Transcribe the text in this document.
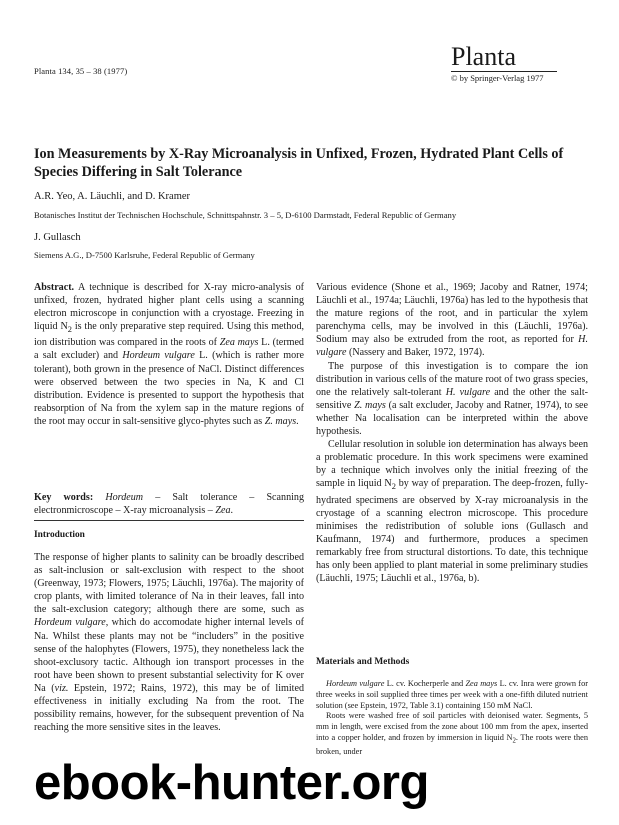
Planta 134, 35 – 38 (1977)	Planta
© by Springer-Verlag 1977
Ion Measurements by X-Ray Microanalysis in Unfixed, Frozen, Hydrated Plant Cells of Species Differing in Salt Tolerance
A.R. Yeo, A. Läuchli, and D. Kramer
Botanisches Institut der Technischen Hochschule, Schnittspahnstr. 3 – 5, D-6100 Darmstadt, Federal Republic of Germany
J. Gullasch
Siemens A.G., D-7500 Karlsruhe, Federal Republic of Germany

Abstract. A technique is described for X-ray micro-analysis of unfixed, frozen, hydrated higher plant cells using a scanning electron microscope in conjunction with a cryostage. Freezing in liquid $N_2$ is the only preparative step required. Using this method, ion distribution was compared in the roots of Zea mays L. (termed a salt excluder) and Hordeum vulgare L. (which is rather more tolerant), both grown in the presence of NaCl. Distinct differences were observed between the two species in Na, K and Cl distribution. Evidence is presented to support the hypothesis that reabsorption of Na from the xylem sap in the mature regions of the root may occur in salt-sensitive glyco-phytes such as Z. mays.

Key words: Hordeum – Salt tolerance – Scanning electronmicroscope – X-ray microanalysis – Zea.

Introduction

The response of higher plants to salinity can be broadly described as salt-inclusion or salt-exclusion with respect to the shoot (Greenway, 1973; Flowers, 1975; Läuchli, 1976a). The majority of crop plants, with limited tolerance of Na in their leaves, fall into the salt-exclusion category; although there are some, such as Hordeum vulgare, which do accomodate higher internal levels of Na. Whilst these plants may not be “includers” in the positive sense of the halophytes (Flowers, 1975), they nonetheless lack the shoot-exclusory tactic. Although ion transport processes in the root have been shown to present substantial selectivity for K over Na (viz. Epstein, 1972; Rains, 1972), this may be of limited effectiveness in initially excluding Na from the root. The possibility remains, however, for the subsequent prevention of Na reaching the more sensitive sites in the leaves.

Various evidence (Shone et al., 1969; Jacoby and Ratner, 1974; Läuchli et al., 1974a; Läuchli, 1976a) has led to the hypothesis that the mature regions of the root, and in particular the xylem parenchyma cells, may be involved in this (Läuchli, 1976a). Sodium may also be extruded from the root, as reported for H. vulgare (Nassery and Baker, 1972, 1974).

The purpose of this investigation is to compare the ion distribution in various cells of the mature root of two grass species, one the relatively salt-tolerant H. vulgare and the other the salt-sensitive Z. mays (a salt excluder, Jacoby and Ratner, 1974), to see whether Na localisation can be interpreted within the above hypothesis.

Cellular resolution in soluble ion determination has always been a problematic procedure. In this work specimens were examined by a technique which involves only the initial freezing of the sample in liquid $N_2$ by way of preparation. The deep-frozen, fully-hydrated specimens are observed by X-ray microanalysis in the cryostage of a scanning electron microscope. This procedure minimises the redistribution of soluble ions (Gullasch and Kaufmann, 1974) and furthermore, produces a specimen remarkably free from structural distortions. To date, this technique has only been applied to plant material in some preliminary studies (Läuchli, 1975; Läuchli et al., 1976a, b).

Materials and Methods

Hordeum vulgare L. cv. Kocherperle and Zea mays L. cv. Inra were grown for three weeks in soil supplied three times per week with a one-fifth diluted nutrient solution (see Epstein, 1972, Table 3.1) containing 150 mM NaCl.

Roots were washed free of soil particles with deionised water. Segments, 5 mm in length, were excised from the zone about 100 mm from the apex, inserted into a copper holder, and frozen by immersion in liquid $N_2$. The roots were then broken, under

ebook-hunter.org
